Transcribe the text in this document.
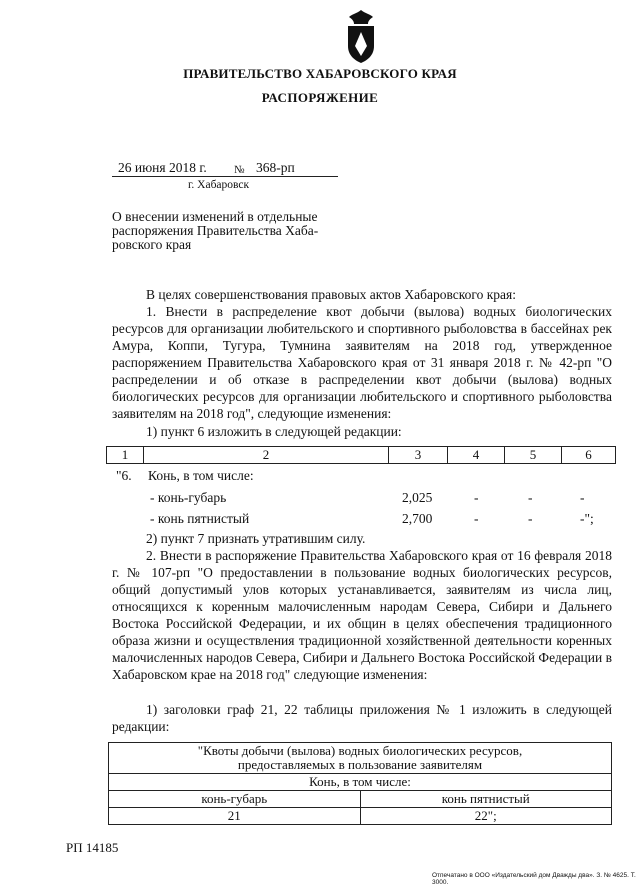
ПРАВИТЕЛЬСТВО ХАБАРОВСКОГО КРАЯ
РАСПОРЯЖЕНИЕ
26 июня 2018 г. № 368-рп
г. Хабаровск
О внесении изменений в отдельные
распоряжения Правительства Хаба-
ровского края
В целях совершенствования правовых актов Хабаровского края:
1. Внести в распределение квот добычи (вылова) водных биологических ресурсов для организации любительского и спортивного рыболовства в бассейнах рек Амура, Коппи, Тугура, Тумнина заявителям на 2018 год, утвержденное распоряжением Правительства Хабаровского края от 31 января 2018 г. № 42-рп "О распределении и об отказе в распределении квот добычи (вылова) водных биологических ресурсов для организации любительского и спортивного рыболовства заявителям на 2018 год", следующие изменения:
1) пункт 6 изложить в следующей редакции:
1	2	3	4	5	6
"6. Конь, в том числе:
- конь-губарь	2,025	-	-	-
- конь пятнистый	2,700	-	-	-";
2) пункт 7 признать утратившим силу.
2. Внести в распоряжение Правительства Хабаровского края от 16 февраля 2018 г. № 107-рп "О предоставлении в пользование водных биологических ресурсов, общий допустимый улов которых устанавливается, заявителям из числа лиц, относящихся к коренным малочисленным народам Севера, Сибири и Дальнего Востока Российской Федерации, и их общин в целях обеспечения традиционного образа жизни и осуществления традиционной хозяйственной деятельности коренных малочисленных народов Севера, Сибири и Дальнего Востока Российской Федерации в Хабаровском крае на 2018 год" следующие изменения:
1) заголовки граф 21, 22 таблицы приложения № 1 изложить в следующей редакции:
"Квоты добычи (вылова) водных биологических ресурсов,
предоставляемых в пользование заявителям	

Конь, в том числе:	
конь-губарь	конь пятнистый
21	22";
РП 14185
Отпечатано в ООО «Издательский дом Дважды два». З. № 4625. Т. 3000.
